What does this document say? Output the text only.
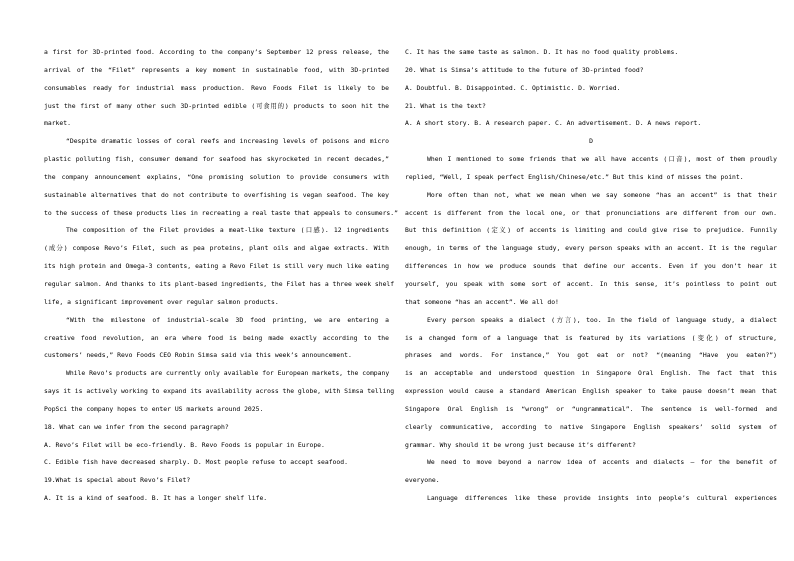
a first for 3D-printed food. According to the company’s September 12 press release, the
arrival of the “Filet” represents a key moment in sustainable food, with 3D-printed
consumables ready for industrial mass production. Revo Foods Filet is likely to be
just the first of many other such 3D-printed edible (可食用的) products to soon hit the
market.
“Despite dramatic losses of coral reefs and increasing levels of poisons and micro
plastic polluting fish, consumer demand for seafood has skyrocketed in recent decades,”
the company announcement explains, “One promising solution to provide consumers with
sustainable alternatives that do not contribute to overfishing is vegan seafood. The key
to the success of these products lies in recreating a real taste that appeals to consumers.”
The composition of the Filet provides a meat-like texture (口感). 12 ingredients
(成分) compose Revo’s Filet, such as pea proteins, plant oils and algae extracts. With
its high protein and Omega-3 contents, eating a Revo Filet is still very much like eating
regular salmon. And thanks to its plant-based ingredients, the Filet has a three week shelf
life, a significant improvement over regular salmon products.
“With the milestone of industrial-scale 3D food printing, we are entering a
creative food revolution, an era where food is being made exactly according to the
customers’ needs,” Revo Foods CEO Robin Simsa said via this week’s announcement.
While Revo’s products are currently only available for European markets, the company
says it is actively working to expand its availability across the globe, with Simsa telling
PopSci the company hopes to enter US markets around 2025.
18. What can we infer from the second paragraph?
A. Revo’s Filet will be eco-friendly. B. Revo Foods is popular in Europe.
C. Edible fish have decreased sharply. D. Most people refuse to accept seafood.
19.What is special about Revo’s Filet?
A. It is a kind of seafood. B. It has a longer shelf life.
C. It has the same taste as salmon. D. It has no food quality problems.
20. What is Simsa’s attitude to the future of 3D-printed food?
A. Doubtful. B. Disappointed. C. Optimistic. D. Worried.
21. What is the text?
A. A short story. B. A research paper. C. An advertisement. D. A news report.
D
When I mentioned to some friends that we all have accents (口音), most of them proudly
replied, “Well, I speak perfect English/Chinese/etc.” But this kind of misses the point.
More often than not, what we mean when we say someone “has an accent” is that their
accent is different from the local one, or that pronunciations are different from our own.
But this definition (定义) of accents is limiting and could give rise to prejudice. Funnily
enough, in terms of the language study, every person speaks with an accent. It is the regular
differences in how we produce sounds that define our accents. Even if you don’t hear it
yourself, you speak with some sort of accent. In this sense, it’s pointless to point out
that someone “has an accent”. We all do!
Every person speaks a dialect (方言), too. In the field of language study, a dialect
is a changed form of a language that is featured by its variations (变化) of structure,
phrases and words. For instance,” You got eat or not? “(meaning “Have you eaten?”)
is an acceptable and understood question in Singapore Oral English. The fact that this
expression would cause a standard American English speaker to take pause doesn’t mean that
Singapore Oral English is “wrong” or “ungrammatical”. The sentence is well-formed and
clearly communicative, according to native Singapore English speakers’ solid system of
grammar. Why should it be wrong just because it’s different?
We need to move beyond a narrow idea of accents and dialects — for the benefit of
everyone.
Language differences like these provide insights into people’s cultural experiences
